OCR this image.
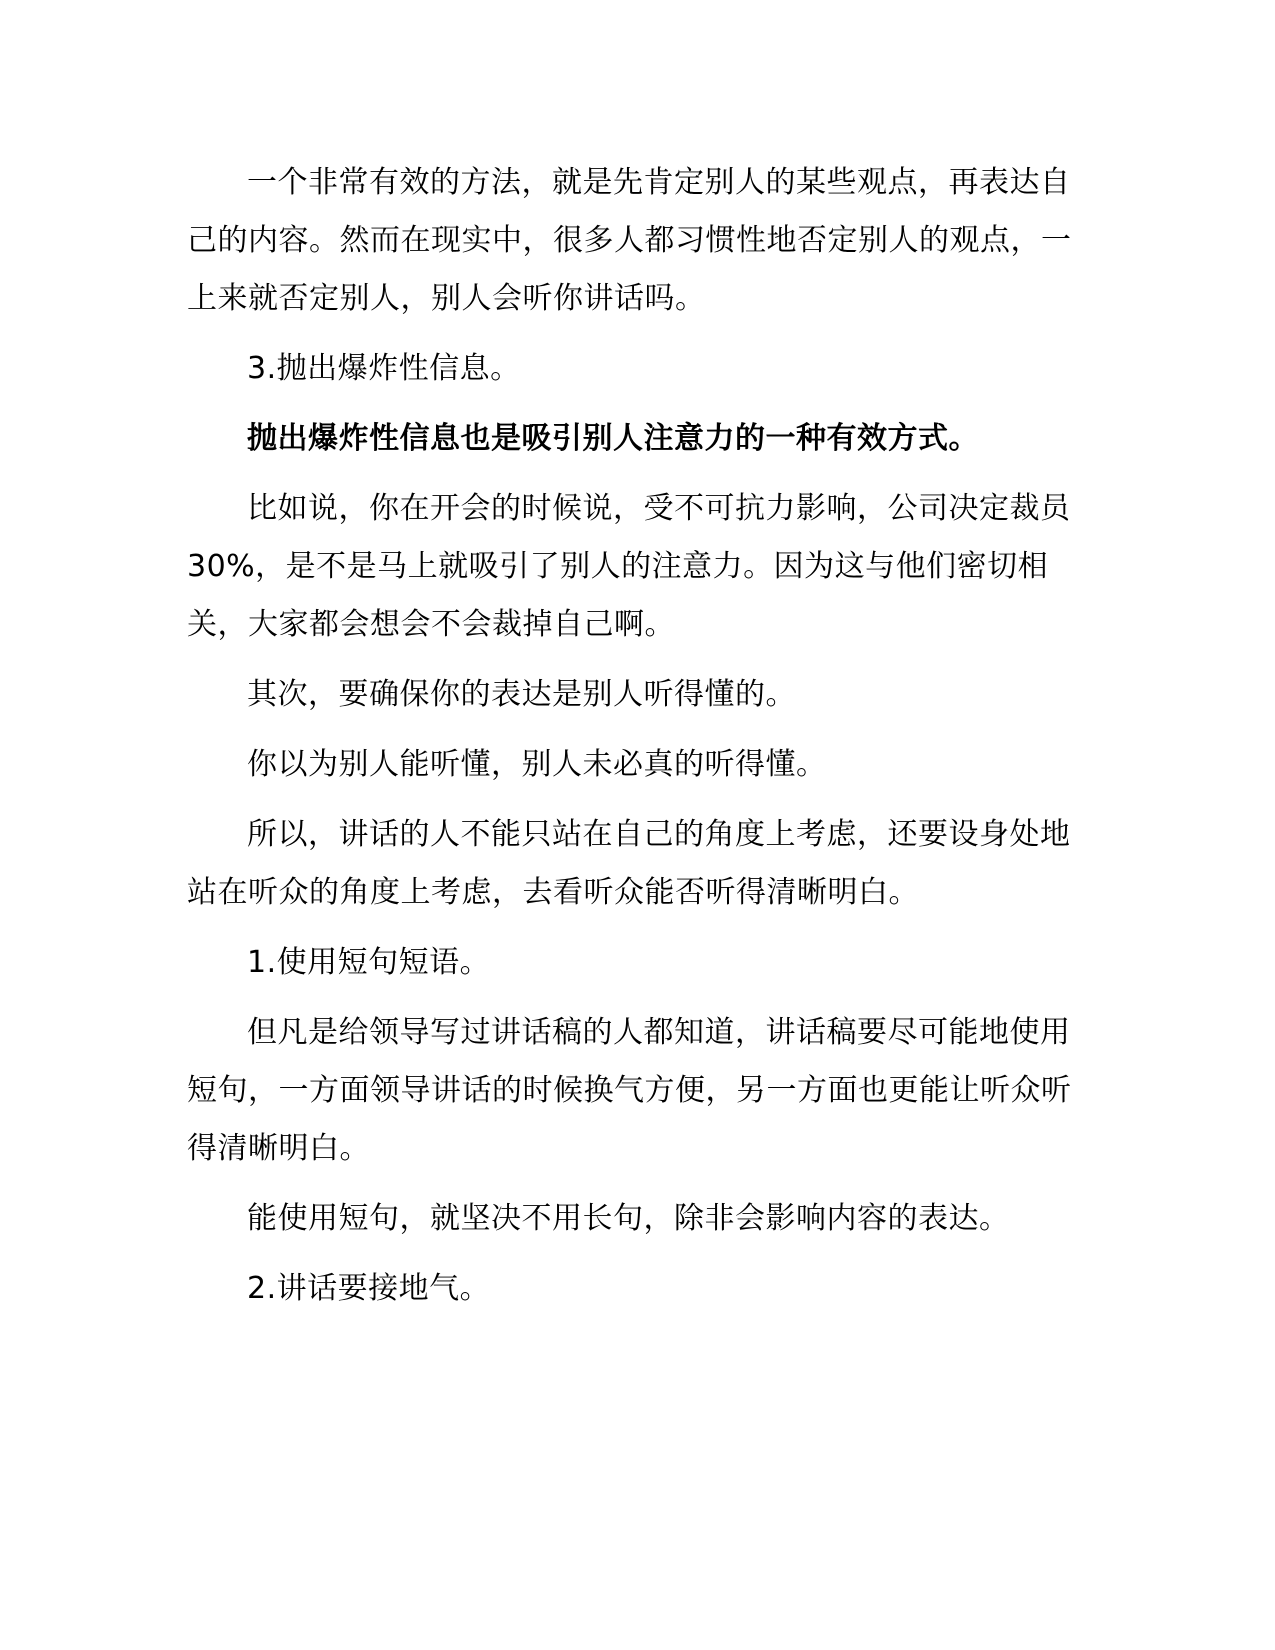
一个非常有效的方法，就是先肯定别人的某些观点，再表达自己的内容。然而在现实中，很多人都习惯性地否定别人的观点，一上来就否定别人，别人会听你讲话吗。

3.抛出爆炸性信息。

抛出爆炸性信息也是吸引别人注意力的一种有效方式。

比如说，你在开会的时候说，受不可抗力影响，公司决定裁员 30%，是不是马上就吸引了别人的注意力。因为这与他们密切相关，大家都会想会不会裁掉自己啊。

其次，要确保你的表达是别人听得懂的。

你以为别人能听懂，别人未必真的听得懂。

所以，讲话的人不能只站在自己的角度上考虑，还要设身处地站在听众的角度上考虑，去看听众能否听得清晰明白。

1.使用短句短语。

但凡是给领导写过讲话稿的人都知道，讲话稿要尽可能地使用短句，一方面领导讲话的时候换气方便，另一方面也更能让听众听得清晰明白。

能使用短句，就坚决不用长句，除非会影响内容的表达。

2.讲话要接地气。
